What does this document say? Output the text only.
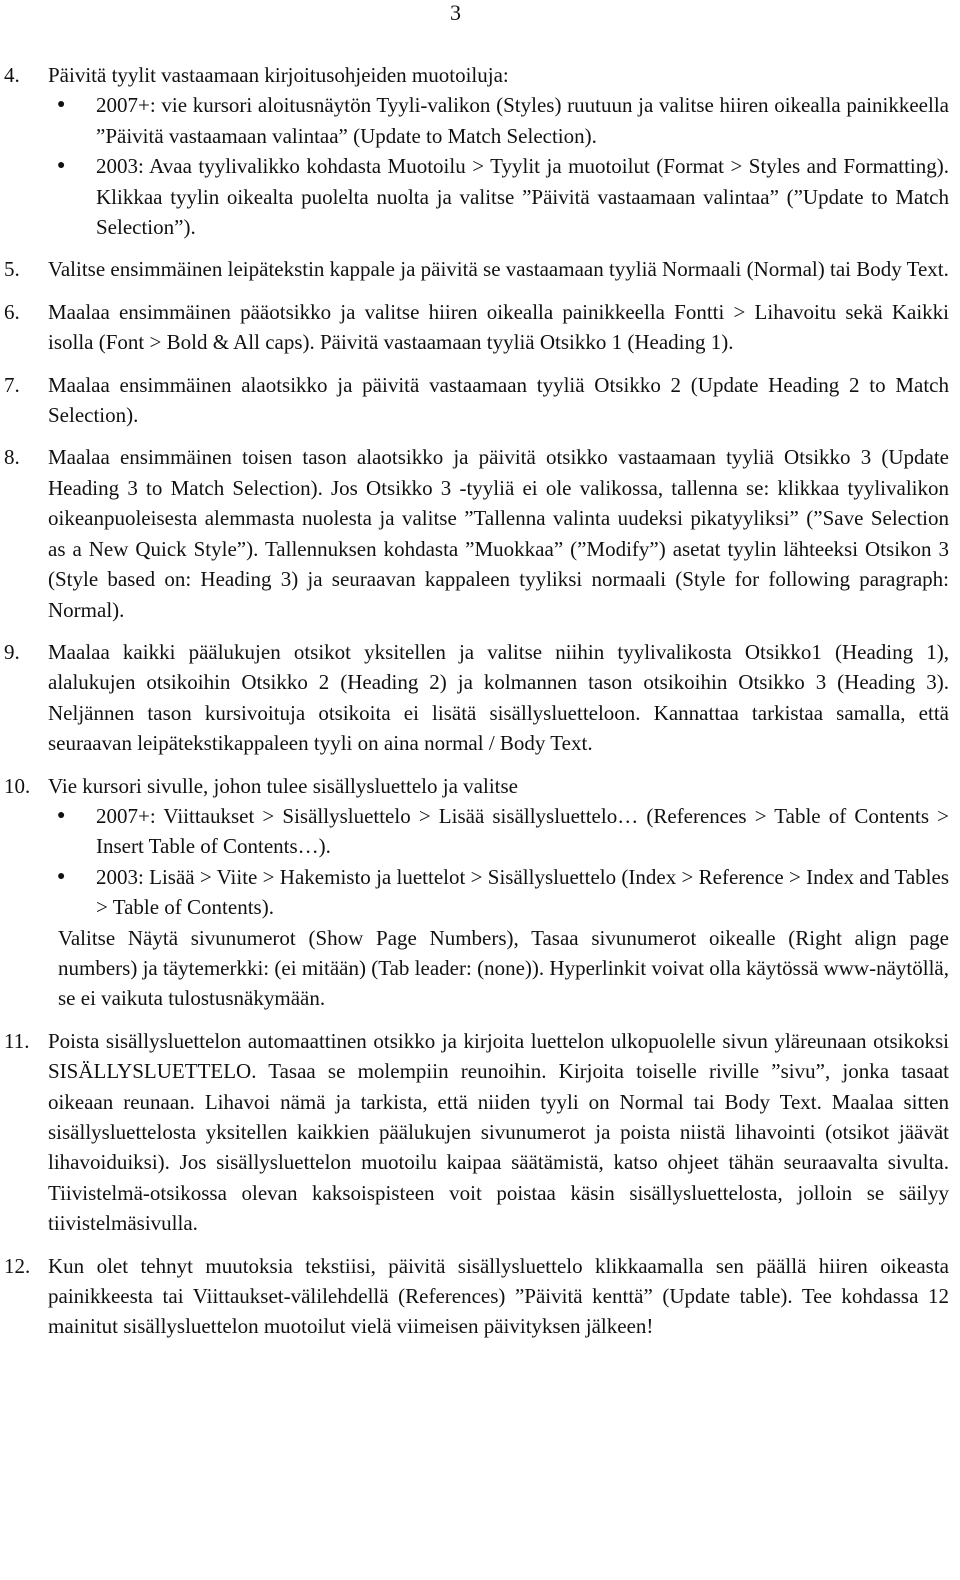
3
4. Päivitä tyylit vastaamaan kirjoitusohjeiden muotoiluja:

● 2007+: vie kursori aloitusnäytön Tyyli-valikon (Styles) ruutuun ja valitse hiiren oikealla painikkeella ”Päivitä vastaamaan valintaa” (Update to Match Selection).
● 2003: Avaa tyylivalikko kohdasta Muotoilu > Tyylit ja muotoilut (Format > Styles and Formatting). Klikkaa tyylin oikealta puolelta nuolta ja valitse ”Päivitä vastaamaan valintaa” (”Update to Match Selection”).
5. Valitse ensimmäinen leipätekstin kappale ja päivitä se vastaamaan tyyliä Normaali (Normal) tai Body Text.

6. Maalaa ensimmäinen pääotsikko ja valitse hiiren oikealla painikkeella Fontti > Lihavoitu sekä Kaikki isolla (Font > Bold & All caps). Päivitä vastaamaan tyyliä Otsikko 1 (Heading 1).

7. Maalaa ensimmäinen alaotsikko ja päivitä vastaamaan tyyliä Otsikko 2 (Update Heading 2 to Match Selection).

8. Maalaa ensimmäinen toisen tason alaotsikko ja päivitä otsikko vastaamaan tyyliä Otsikko 3 (Update Heading 3 to Match Selection). Jos Otsikko 3 -tyyliä ei ole valikossa, tallenna se: klikkaa tyylivalikon oikeanpuoleisesta alemmasta nuolesta ja valitse ”Tallenna valinta uudeksi pikatyyliksi” (”Save Selection as a New Quick Style”). Tallennuksen kohdasta ”Muokkaa” (”Modify”) asetat tyylin lähteeksi Otsikon 3 (Style based on: Heading 3) ja seuraavan kappaleen tyyliksi normaali (Style for following paragraph: Normal).

9. Maalaa kaikki päälukujen otsikot yksitellen ja valitse niihin tyylivalikosta Otsikko1 (Heading 1), alalukujen otsikoihin Otsikko 2 (Heading 2) ja kolmannen tason otsikoihin Otsikko 3 (Heading 3). Neljännen tason kursivoituja otsikoita ei lisätä sisällysluetteloon. Kannattaa tarkistaa samalla, että seuraavan leipätekstikappaleen tyyli on aina normal / Body Text.

10. Vie kursori sivulle, johon tulee sisällysluettelo ja valitse

● 2007+: Viittaukset > Sisällysluettelo > Lisää sisällysluettelo… (References > Table of Contents > Insert Table of Contents…).
● 2003: Lisää > Viite > Hakemisto ja luettelot > Sisällysluettelo (Index > Reference > Index and Tables > Table of Contents).

Valitse Näytä sivunumerot (Show Page Numbers), Tasaa sivunumerot oikealle (Right align page numbers) ja täytemerkki: (ei mitään) (Tab leader: (none)). Hyperlinkit voivat olla käytössä www-näytöllä, se ei vaikuta tulostusnäkymään.

11. Poista sisällysluettelon automaattinen otsikko ja kirjoita luettelon ulkopuolelle sivun yläreunaan otsikoksi SISÄLLYSLUETTELO. Tasaa se molempiin reunoihin. Kirjoita toiselle riville ”sivu”, jonka tasaat oikeaan reunaan. Lihavoi nämä ja tarkista, että niiden tyyli on Normal tai Body Text. Maalaa sitten sisällysluettelosta yksitellen kaikkien päälukujen sivunumerot ja poista niistä lihavointi (otsikot jäävät lihavoiduiksi). Jos sisällysluettelon muotoilu kaipaa säätämistä, katso ohjeet tähän seuraavalta sivulta. Tiivistelmä-otsikossa olevan kaksoispisteen voit poistaa käsin sisällysluettelosta, jolloin se säilyy tiivistelmäsivulla.

12. Kun olet tehnyt muutoksia tekstiisi, päivitä sisällysluettelo klikkaamalla sen päällä hiiren oikeasta painikkeesta tai Viittaukset-välilehdellä (References) ”Päivitä kenttä” (Update table). Tee kohdassa 12 mainitut sisällysluettelon muotoilut vielä viimeisen päivityksen jälkeen!
